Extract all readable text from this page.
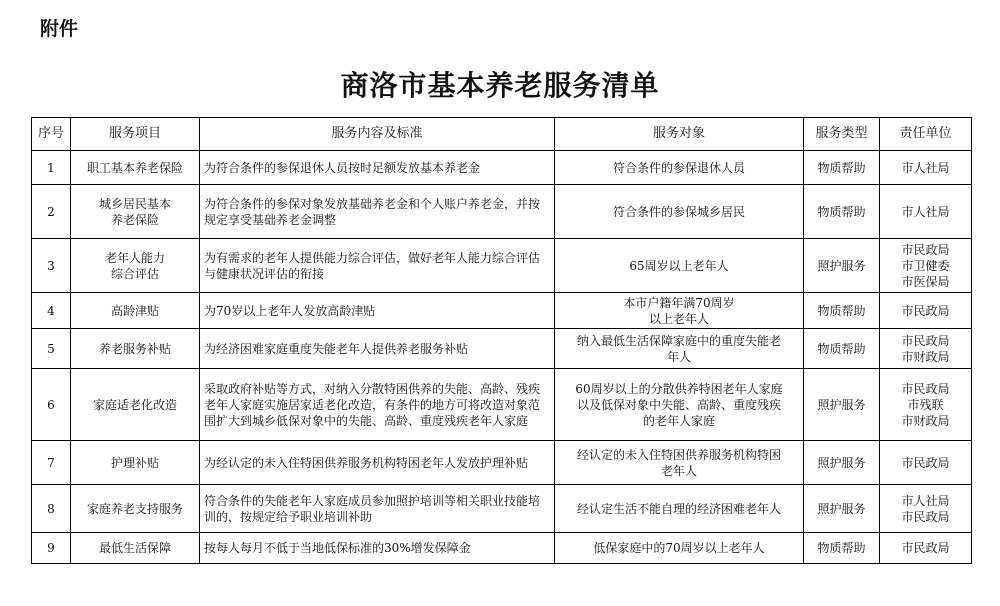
附件
商洛市基本养老服务清单
序号	服务项目	服务内容及标准	服务对象	服务类型	责任单位
1	职工基本养老保险	为符合条件的参保退休人员按时足额发放基本养老金	符合条件的参保退休人员	物质帮助	市人社局

2	城乡居民基本
养老保险	为符合条件的参保对象发放基础养老金和个人账户养老金，并按规定享受基础养老金调整	符合条件的参保城乡居民	物质帮助	市人社局

3	老年人能力
综合评估	为有需求的老年人提供能力综合评估，做好老年人能力综合评估与健康状况评估的衔接	65周岁以上老年人	照护服务	市民政局
市卫健委
市医保局

4	高龄津贴	为70岁以上老年人发放高龄津贴	本市户籍年满70周岁
以上老年人	物质帮助	市民政局

5	养老服务补贴	为经济困难家庭重度失能老年人提供养老服务补贴	纳入最低生活保障家庭中的重度失能老
年人	物质帮助	市民政局
市财政局

6	家庭适老化改造	采取政府补贴等方式，对纳入分散特困供养的失能、高龄、残疾老年人家庭实施居家适老化改造，有条件的地方可将改造对象范围扩大到城乡低保对象中的失能、高龄、重度残疾老年人家庭	60周岁以上的分散供养特困老年人家庭
以及低保对象中失能、高龄、重度残疾
的老年人家庭	照护服务	市民政局
市残联
市财政局

7	护理补贴	为经认定的未入住特困供养服务机构特困老年人发放护理补贴	经认定的未入住特困供养服务机构特困
老年人	照护服务	市民政局

8	家庭养老支持服务	符合条件的失能老年人家庭成员参加照护培训等相关职业技能培训的，按规定给予职业培训补助	经认定生活不能自理的经济困难老年人	照护服务	市人社局
市民政局

9	最低生活保障	按每人每月不低于当地低保标准的30%增发保障金	低保家庭中的70周岁以上老年人	物质帮助	市民政局
